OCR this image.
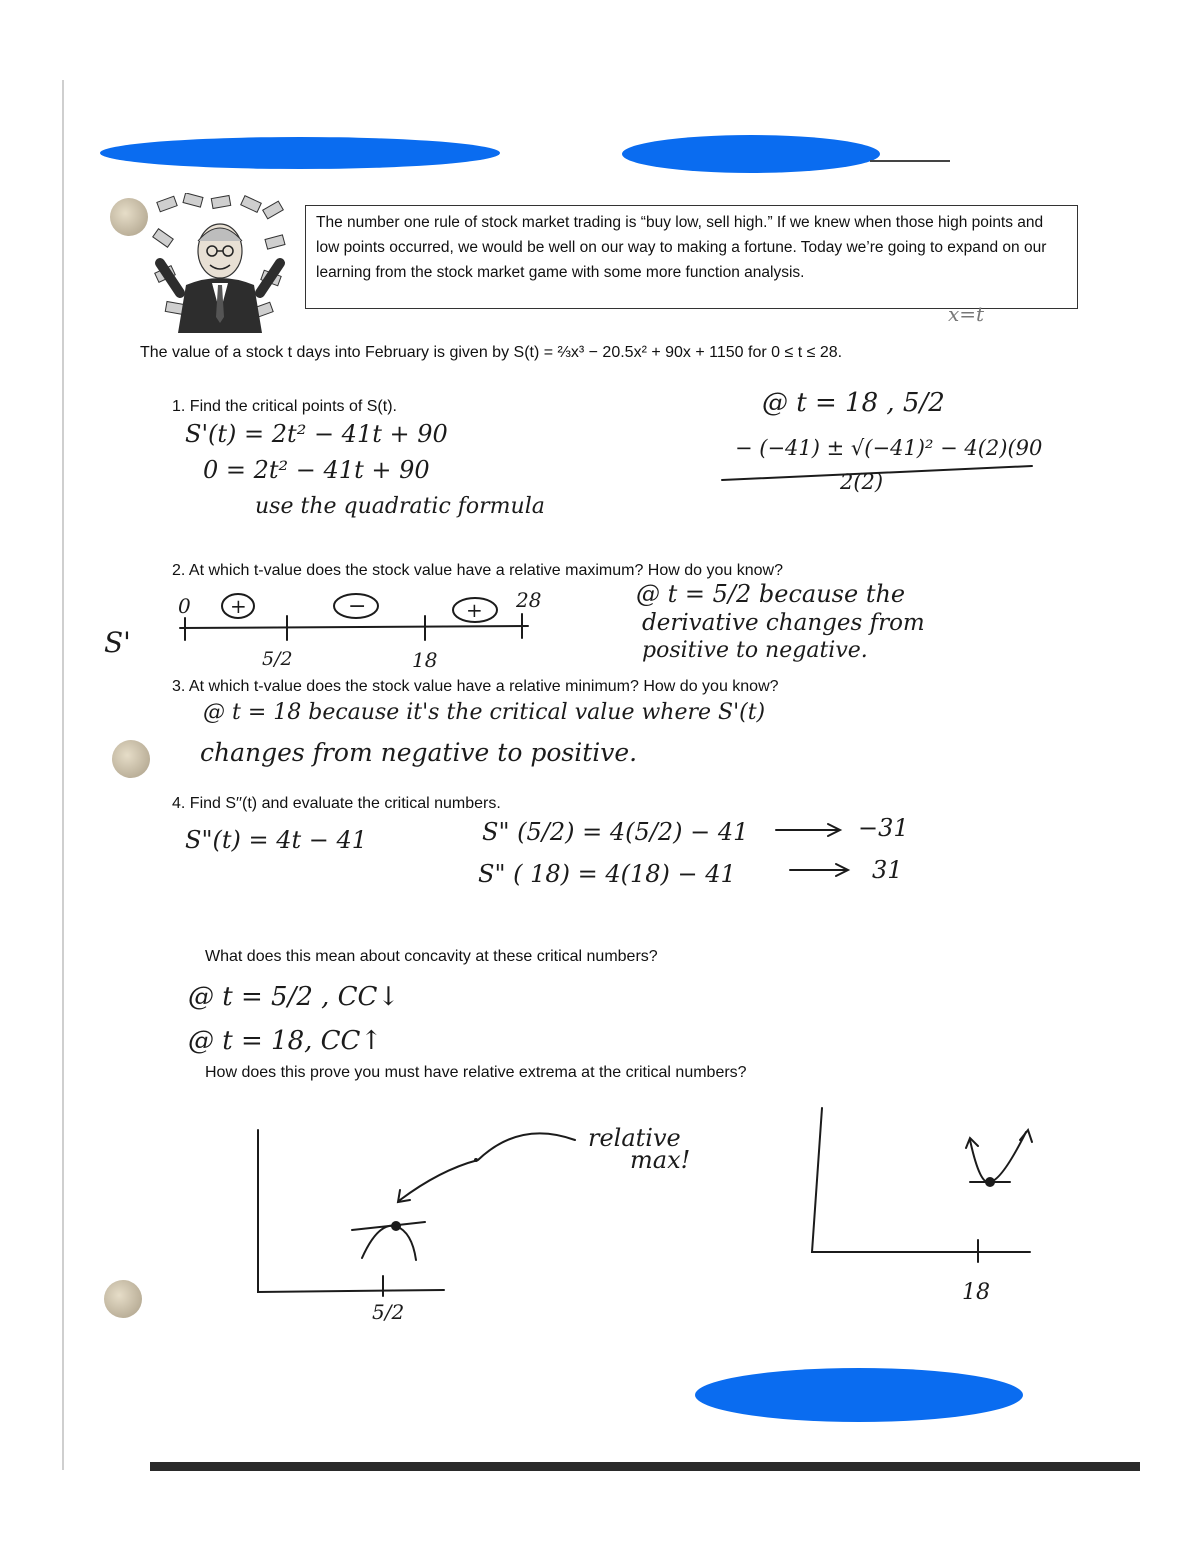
The number one rule of stock market trading is “buy low, sell high.” If we knew when those high points and low points occurred, we would be well on our way to making a fortune. Today we’re going to expand on our learning from the stock market game with some more function analysis.
x=t
The value of a stock t days into February is given by S(t) = ⅔x³ − 20.5x² + 90x + 1150 for 0 ≤ t ≤ 28.
1. Find the critical points of S(t).
S'(t) = 2t² − 41t + 90
0 = 2t² − 41t + 90
use the quadratic formula
@ t = 18 , 5/2
− (−41) ± √(−41)² − 4(2)(90
2(2)
2. At which t-value does the stock value have a relative maximum? How do you know?
S'
0	28
+	−	+
5/2	18
@ t = 5/2 because the
derivative changes from
positive to negative.
3. At which t-value does the stock value have a relative minimum? How do you know?
@ t = 18 because it's the critical value where S'(t)
changes from negative to positive.
4. Find S′′(t) and evaluate the critical numbers.
S"(t) = 4t − 41	S" (5/2) = 4(5/2) − 41	−31
S" ( 18) = 4(18) − 41	31
What does this mean about concavity at these critical numbers?
@ t = 5/2 , CC↓
@ t = 18, CC↑
How does this prove you must have relative extrema at the critical numbers?
relative
max!
5/2
18
